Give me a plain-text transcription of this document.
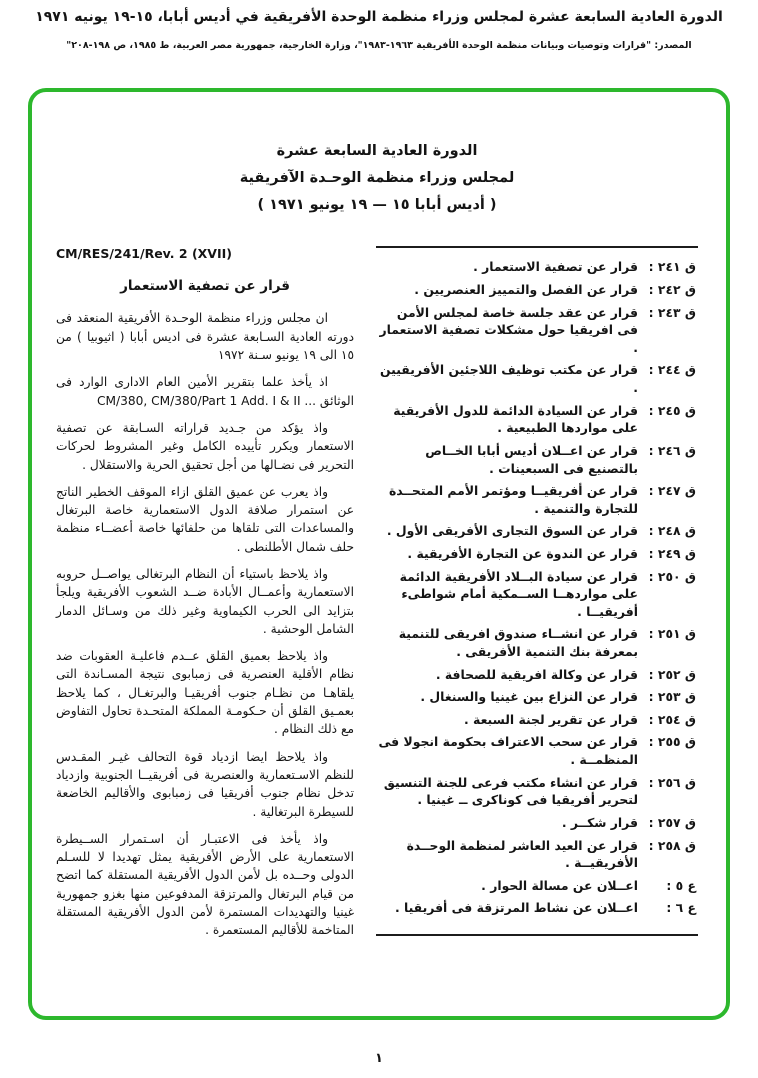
الدورة العادية السابعة عشرة لمجلس وزراء منظمة الوحدة الأفريقية في أديس أبابا، ١٥-١٩ يونيه ١٩٧١
المصدر: "قرارات وتوصيات وبيانات منظمة الوحدة الأفريقية ١٩٦٣-١٩٨٣"، وزارة الخارجية، جمهورية مصر العربية، ط ١٩٨٥، ص ١٩٨-٢٠٨"
الدورة العادية السابعة عشرة
لمجلس وزراء منظمة الوحـدة الآفريقية
( أديس أبابا ١٥ — ١٩ يونيو ١٩٧١ )
ق ٢٤١ :
قرار عن تصفية الاستعمار .
ق ٢٤٢ :
قرار عن الفصل والتمييز العنصريين .
ق ٢٤٣ :
قرار عن عقد جلسة خاصة لمجلس الأمن فى افريقيا حول مشكلات تصفية الاستعمار .
ق ٢٤٤ :
قرار عن مكتب توظيف اللاجئين الأفريقيين .
ق ٢٤٥ :
قرار عن السيادة الدائمة للدول الأفريقية على مواردها الطبيعية .
ق ٢٤٦ :
قرار عن اعــلان أديس أبابا الخــاص بالتصنيع فى السبعينات .
ق ٢٤٧ :
قرار عن أفريقيــا ومؤتمر الأمم المتحــدة للتجارة والتنمية .
ق ٢٤٨ :
قرار عن السوق التجارى الأفريقى الأول .
ق ٢٤٩ :
قرار عن الندوة عن التجارة الأفريقية .
ق ٢٥٠ :
قرار عن سيادة البــلاد الأفريقية الدائمة على مواردهــا الســمكية أمام شواطىء أفريقيــا .
ق ٢٥١ :
قرار عن انشــاء صندوق افريقى للتنمية بمعرفة بنك التنمية الأفريقى .
ق ٢٥٢ :
قرار عن وكالة افريقية للصحافة .
ق ٢٥٣ :
قرار عن النزاع بين غينيا والسنغال .
ق ٢٥٤ :
قرار عن تقرير لجنة السبعة .
ق ٢٥٥ :
قرار عن سحب الاعتراف بحكومة انجولا فى المنظمــة .
ق ٢٥٦ :
قرار عن انشاء مكتب فرعى للجنة التنسيق لتحرير أفريقيا فى كوناكرى ــ غينيا .
ق ٢٥٧ :
قرار شكــر .
ق ٢٥٨ :
قرار عن العيد العاشر لمنظمة الوحــدة الأفريقيــة .
ع ٥ :
اعــلان عن مسالة الحوار .
ع ٦ :
اعــلان عن نشاط المرتزقة فى أفريقيا .
CM/RES/241/Rev. 2 (XVII)
قرار عن تصفية الاستعمار

ان مجلس وزراء منظمة الوحـدة الأفريقية المنعقد فى دورته العادية السـابعة عشرة فى اديس أبابا ( اثيوبيا ) من ١٥ الى ١٩ يونيو سـنة ١٩٧٢

اذ يأخذ علما بتقرير الأمين العام الادارى الوارد فى الوثائق ... CM/380, CM/380/Part 1 Add. I & II

واذ يؤكد من جـديد قراراته السـابقة عن تصفية الاستعمار ويكرر تأييده الكامل وغير المشروط لحركات التحرير فى نضـالها من أجل تحقيق الحرية والاستقلال .

واذ يعرب عن عميق القلق ازاء الموقف الخطير الناتج عن استمرار صلافة الدول الاستعمارية خاصة البرتغال والمساعدات التى تلقاها من حلفائها خاصة أعضــاء منظمة حلف شمال الأطلنطى .

واذ يلاحظ باستياء أن النظام البرتغالى يواصــل حروبه الاستعمارية وأعمــال الأبادة ضــد الشعوب الأفريقية ويلجأ بتزايد الى الحرب الكيماوية وغير ذلك من وسـائل الدمار الشامل الوحشية .

واذ يلاحظ بعميق القلق عــدم فاعليـة العقوبات ضد نظام الأقلية العنصرية فى زمبابوى نتيجة المسـاندة التى يلقاهـا من نظـام جنوب أفريقيـا والبرتغـال ، كما يلاحظ بعمـيق القلق أن حـكومـة المملكة المتحـدة تحاول التفاوض مع ذلك النظام .

واذ يلاحظ ايضا ازدياد قوة التحالف غيـر المقـدس للنظم الاسـتعمارية والعنصرية فى أفريقيــا الجنوبية وازدياد تدخل نظام جنوب أفريقيا فى زمبابوى والأقاليم الخاضعة للسيطرة البرتغالية .

واذ يأخذ فى الاعتبـار أن اسـتمرار الســيطرة الاستعمارية على الأرض الأفريقية يمثل تهديدا لا للسـلم الدولى وحــده بل لأمن الدول الأفريقية المستقلة كما اتضح من قيام البرتغال والمرتزقة المدفوعين منها بغزو جمهورية غينيا والتهديدات المستمرة لأمن الدول الأفريقية المستقلة المتاخمة للأقاليم المستعمرة .

١
